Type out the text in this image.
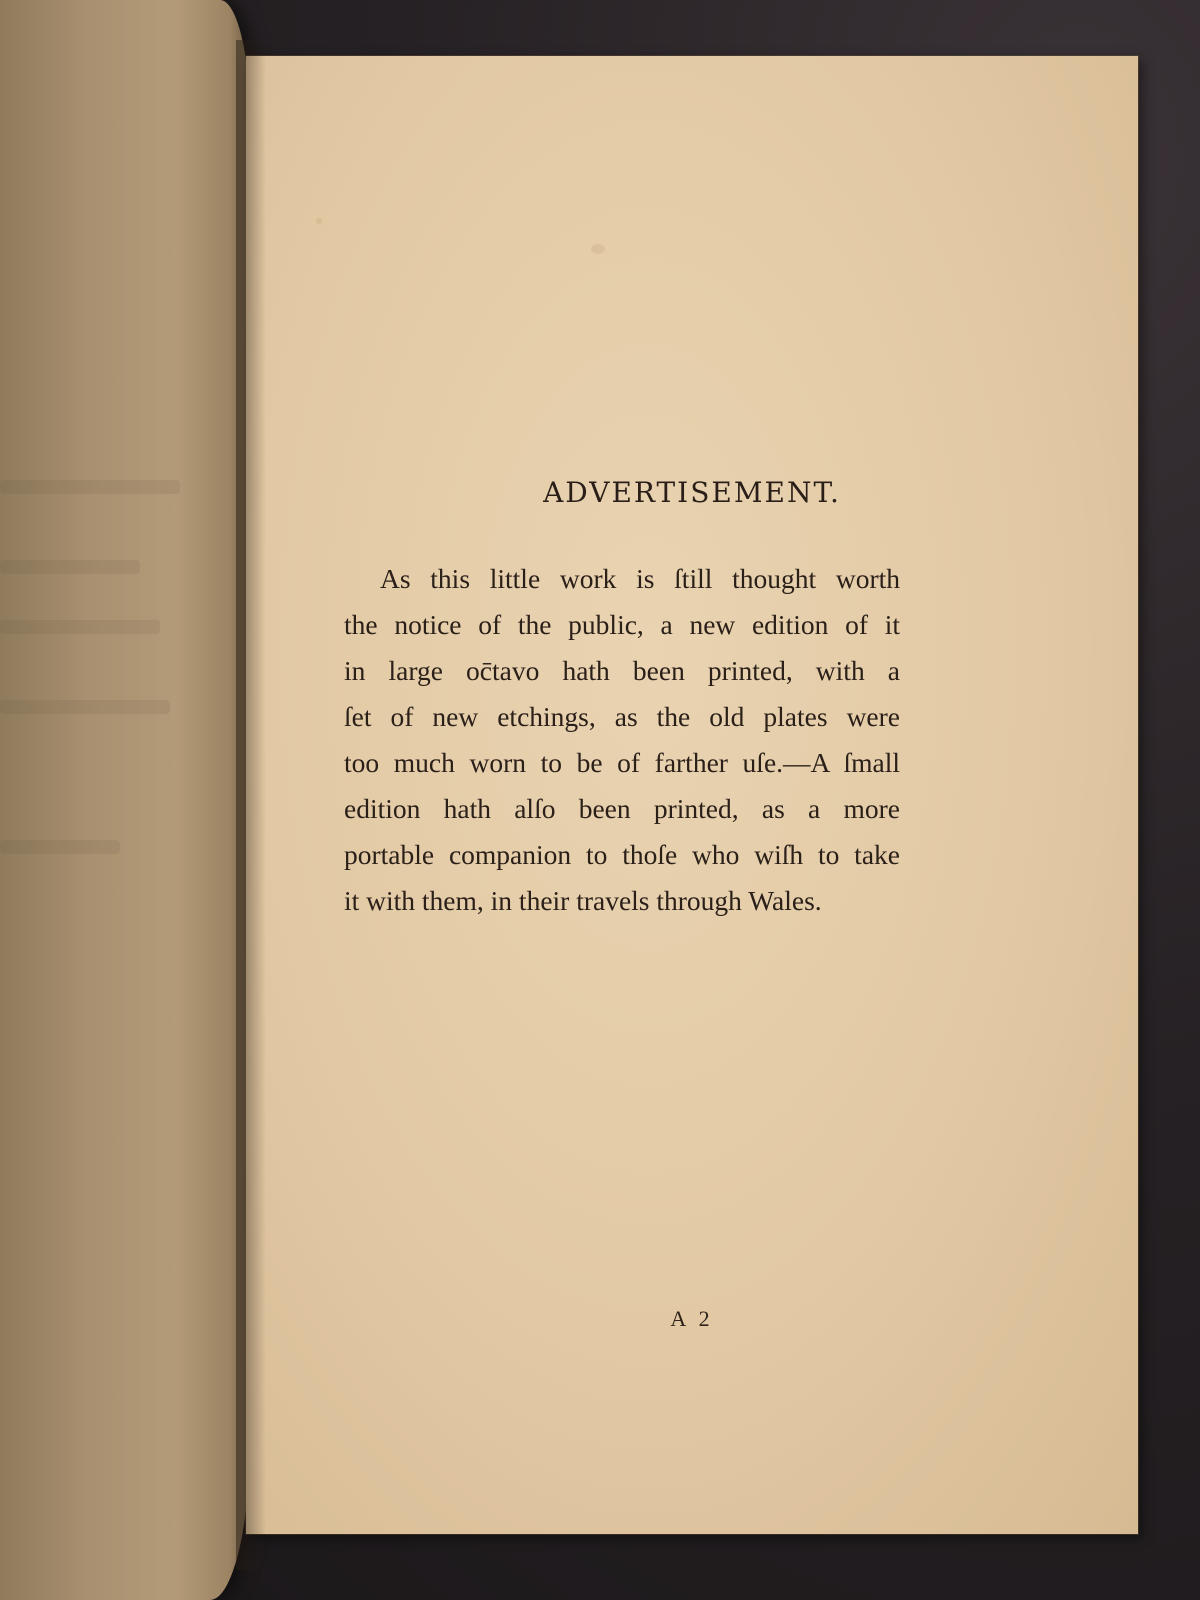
ADVERTISEMENT.
As this little work is ſtill thought worth
the notice of the public, a new edition of it
in large oc̄tavo hath been printed, with a
ſet of new etchings, as the old plates were
too much worn to be of farther uſe.—A ſmall
edition hath alſo been printed, as a more
portable companion to thoſe who wiſh to take
it with them, in their travels through Wales.
A 2
